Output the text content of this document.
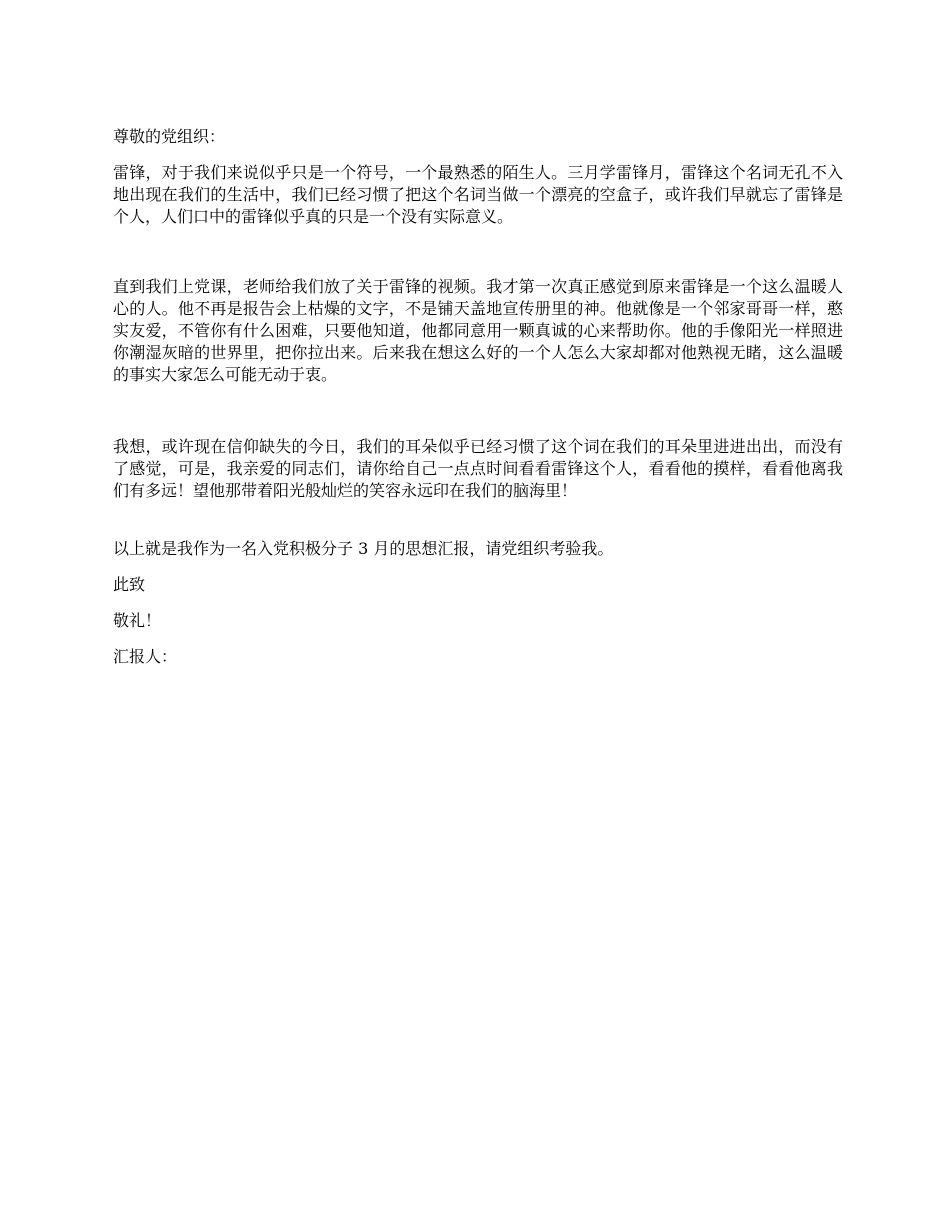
尊敬的党组织：

雷锋，对于我们来说似乎只是一个符号，一个最熟悉的陌生人。三月学雷锋月，雷锋这个名词无孔不入地出现在我们的生活中，我们已经习惯了把这个名词当做一个漂亮的空盒子，或许我们早就忘了雷锋是个人，人们口中的雷锋似乎真的只是一个没有实际意义。

直到我们上党课，老师给我们放了关于雷锋的视频。我才第一次真正感觉到原来雷锋是一个这么温暖人心的人。他不再是报告会上枯燥的文字，不是铺天盖地宣传册里的神。他就像是一个邻家哥哥一样，憨实友爱，不管你有什么困难，只要他知道，他都同意用一颗真诚的心来帮助你。他的手像阳光一样照进你潮湿灰暗的世界里，把你拉出来。后来我在想这么好的一个人怎么大家却都对他熟视无睹，这么温暖的事实大家怎么可能无动于衷。

我想，或许现在信仰缺失的今日，我们的耳朵似乎已经习惯了这个词在我们的耳朵里进进出出，而没有了感觉，可是，我亲爱的同志们，请你给自己一点点时间看看雷锋这个人，看看他的摸样，看看他离我们有多远！望他那带着阳光般灿烂的笑容永远印在我们的脑海里！

以上就是我作为一名入党积极分子 3 月的思想汇报，请党组织考验我。

此致

敬礼！

汇报人：
